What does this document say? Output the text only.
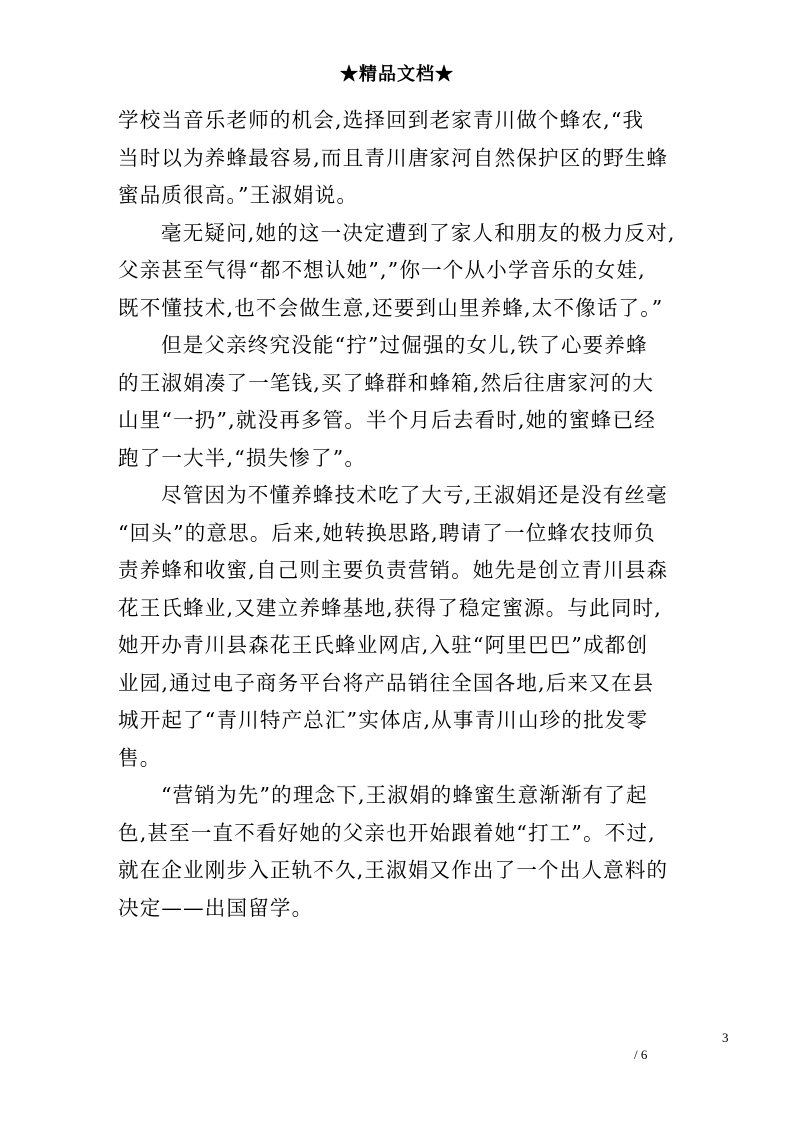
★精品文档★
学校当音乐老师的机会,选择回到老家青川做个蜂农,“我
当时以为养蜂最容易,而且青川唐家河自然保护区的野生蜂
蜜品质很高。”王淑娟说。
毫无疑问,她的这一决定遭到了家人和朋友的极力反对,
父亲甚至气得“都不想认她”,”你一个从小学音乐的女娃,
既不懂技术,也不会做生意,还要到山里养蜂,太不像话了。”
但是父亲终究没能“拧”过倔强的女儿,铁了心要养蜂
的王淑娟凑了一笔钱,买了蜂群和蜂箱,然后往唐家河的大
山里“一扔”,就没再多管。半个月后去看时,她的蜜蜂已经
跑了一大半,“损失惨了”。
尽管因为不懂养蜂技术吃了大亏,王淑娟还是没有丝毫
“回头”的意思。后来,她转换思路,聘请了一位蜂农技师负
责养蜂和收蜜,自己则主要负责营销。她先是创立青川县森
花王氏蜂业,又建立养蜂基地,获得了稳定蜜源。与此同时,
她开办青川县森花王氏蜂业网店,入驻“阿里巴巴”成都创
业园,通过电子商务平台将产品销往全国各地,后来又在县
城开起了“青川特产总汇”实体店,从事青川山珍的批发零
售。
“营销为先”的理念下,王淑娟的蜂蜜生意渐渐有了起
色,甚至一直不看好她的父亲也开始跟着她“打工”。不过,
就在企业刚步入正轨不久,王淑娟又作出了一个出人意料的
决定——出国留学。
3
/ 6
